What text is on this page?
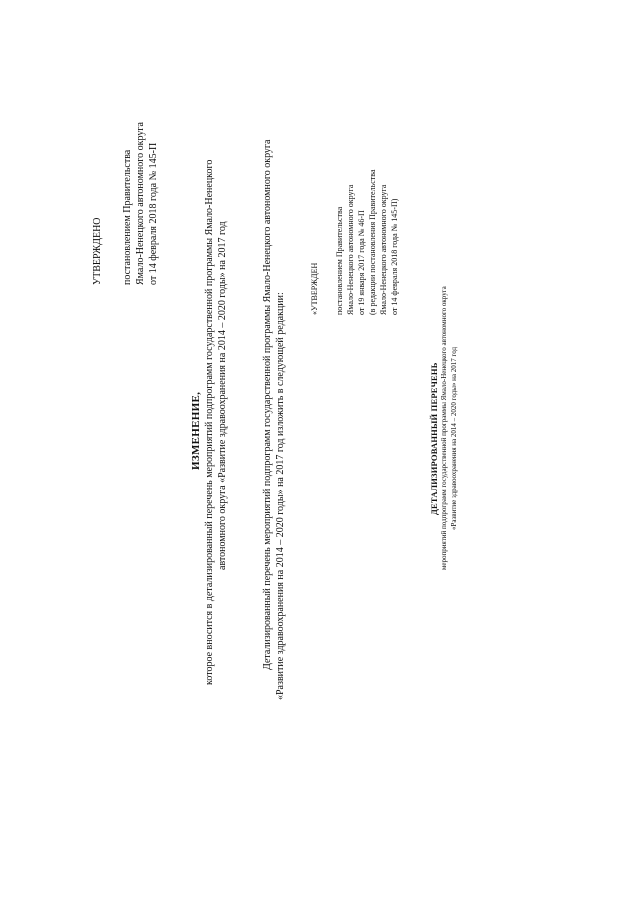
УТВЕРЖДЕНО постановлением Правительства Ямало-Ненецкого автономного округа от 14 февраля 2018 года № 145-П
ИЗМЕНЕНИЕ, которое вносится в детализированный перечень мероприятий подпрограмм государственной программы Ямало-Ненецкого автономного округа «Развитие здравоохранения на 2014 – 2020 годы» на 2017 год	Детализированный перечень мероприятий подпрограмм государственной программы Ямало-Ненецкого автономного округа «Развитие здравоохранения на 2014 – 2020 годы» на 2017 год изложить в следующей редакции:
«УТВЕРЖДЕН постановлением Правительства Ямало-Ненецкого автономного округа от 19 января 2017 года № 46-П (в редакции постановления Правительства Ямало-Ненецкого автономного округа от 14 февраля 2018 года № 145-П)
ДЕТАЛИЗИРОВАННЫЙ ПЕРЕЧЕНЬ мероприятий подпрограмм государственной программы Ямало-Ненецкого автономного округа «Развитие здравоохранения на 2014 – 2020 годы» на 2017 год
